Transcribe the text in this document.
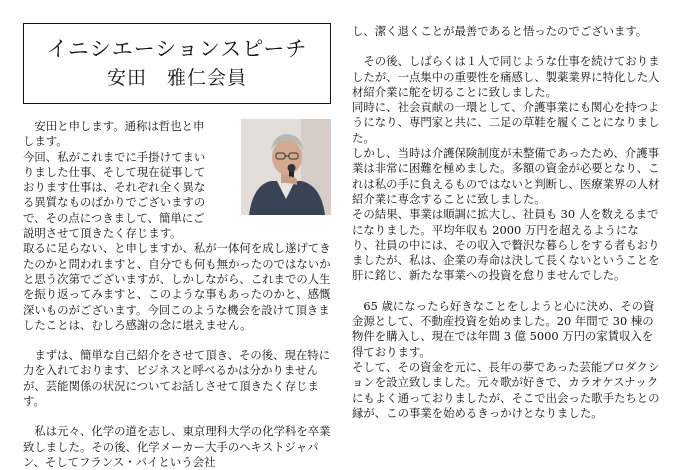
イニシエーションスピーチ
安田　雅仁会員

　安田と申します。通称は哲也と申

します。

今回、私がこれまでに手掛けてまい

りました仕事、そして現在従事して

おります仕事は、それぞれ全く異な

る異質なものばかりでございますの

で、その点につきまして、簡単にご

説明させて頂きたく存じます。

取るに足らない、と申しますか、私が一体何を成し遂げてきたのかと問われますと、自分でも何も無かったのではないかと思う次第でございますが、しかしながら、これまでの人生を振り返ってみますと、このような事もあったのかと、感慨深いものがございます。今回このような機会を設けて頂きましたことは、むしろ感謝の念に堪えません。

　まずは、簡単な自己紹介をさせて頂き、その後、現在特に力を入れております、ビジネスと呼べるかは分かりませんが、芸能関係の状況についてお話しさせて頂きたく存じます。

　私は元々、化学の道を志し、東京理科大学の化学科を卒業致しました。その後、化学メーカー大手のヘキストジャパン、そしてフランス・パイという会社

し、潔く退くことが最善であると悟ったのでございます。

　その後、しばらくは１人で同じような仕事を続けておりましたが、一点集中の重要性を痛感し、製薬業界に特化した人材紹介業に舵を切ることに致しました。

同時に、社会貢献の一環として、介護事業にも関心を持つようになり、専門家と共に、二足の草鞋を履くことになりました。

しかし、当時は介護保険制度が未整備であったため、介護事業は非常に困難を極めました。多額の資金が必要となり、これは私の手に負えるものではないと判断し、医療業界の人材紹介業に専念することに致しました。

その結果、事業は順調に拡大し、社員も 30 人を数えるまでになりました。平均年収も 2000 万円を超えるようになり、社員の中には、その収入で贅沢な暮らしをする者もおりましたが、私は、企業の寿命は決して長くないということを肝に銘じ、新たな事業への投資を怠りませんでした。

　65 歳になったら好きなことをしようと心に決め、その資金源として、不動産投資を始めました。20 年間で 30 棟の物件を購入し、現在では年間 3 億 5000 万円の家賃収入を得ております。

そして、その資金を元に、長年の夢であった芸能プロダクションを設立致しました。元々歌が好きで、カラオケスナックにもよく通っておりましたが、そこで出会った歌手たちとの縁が、この事業を始めるきっかけとなりました。
